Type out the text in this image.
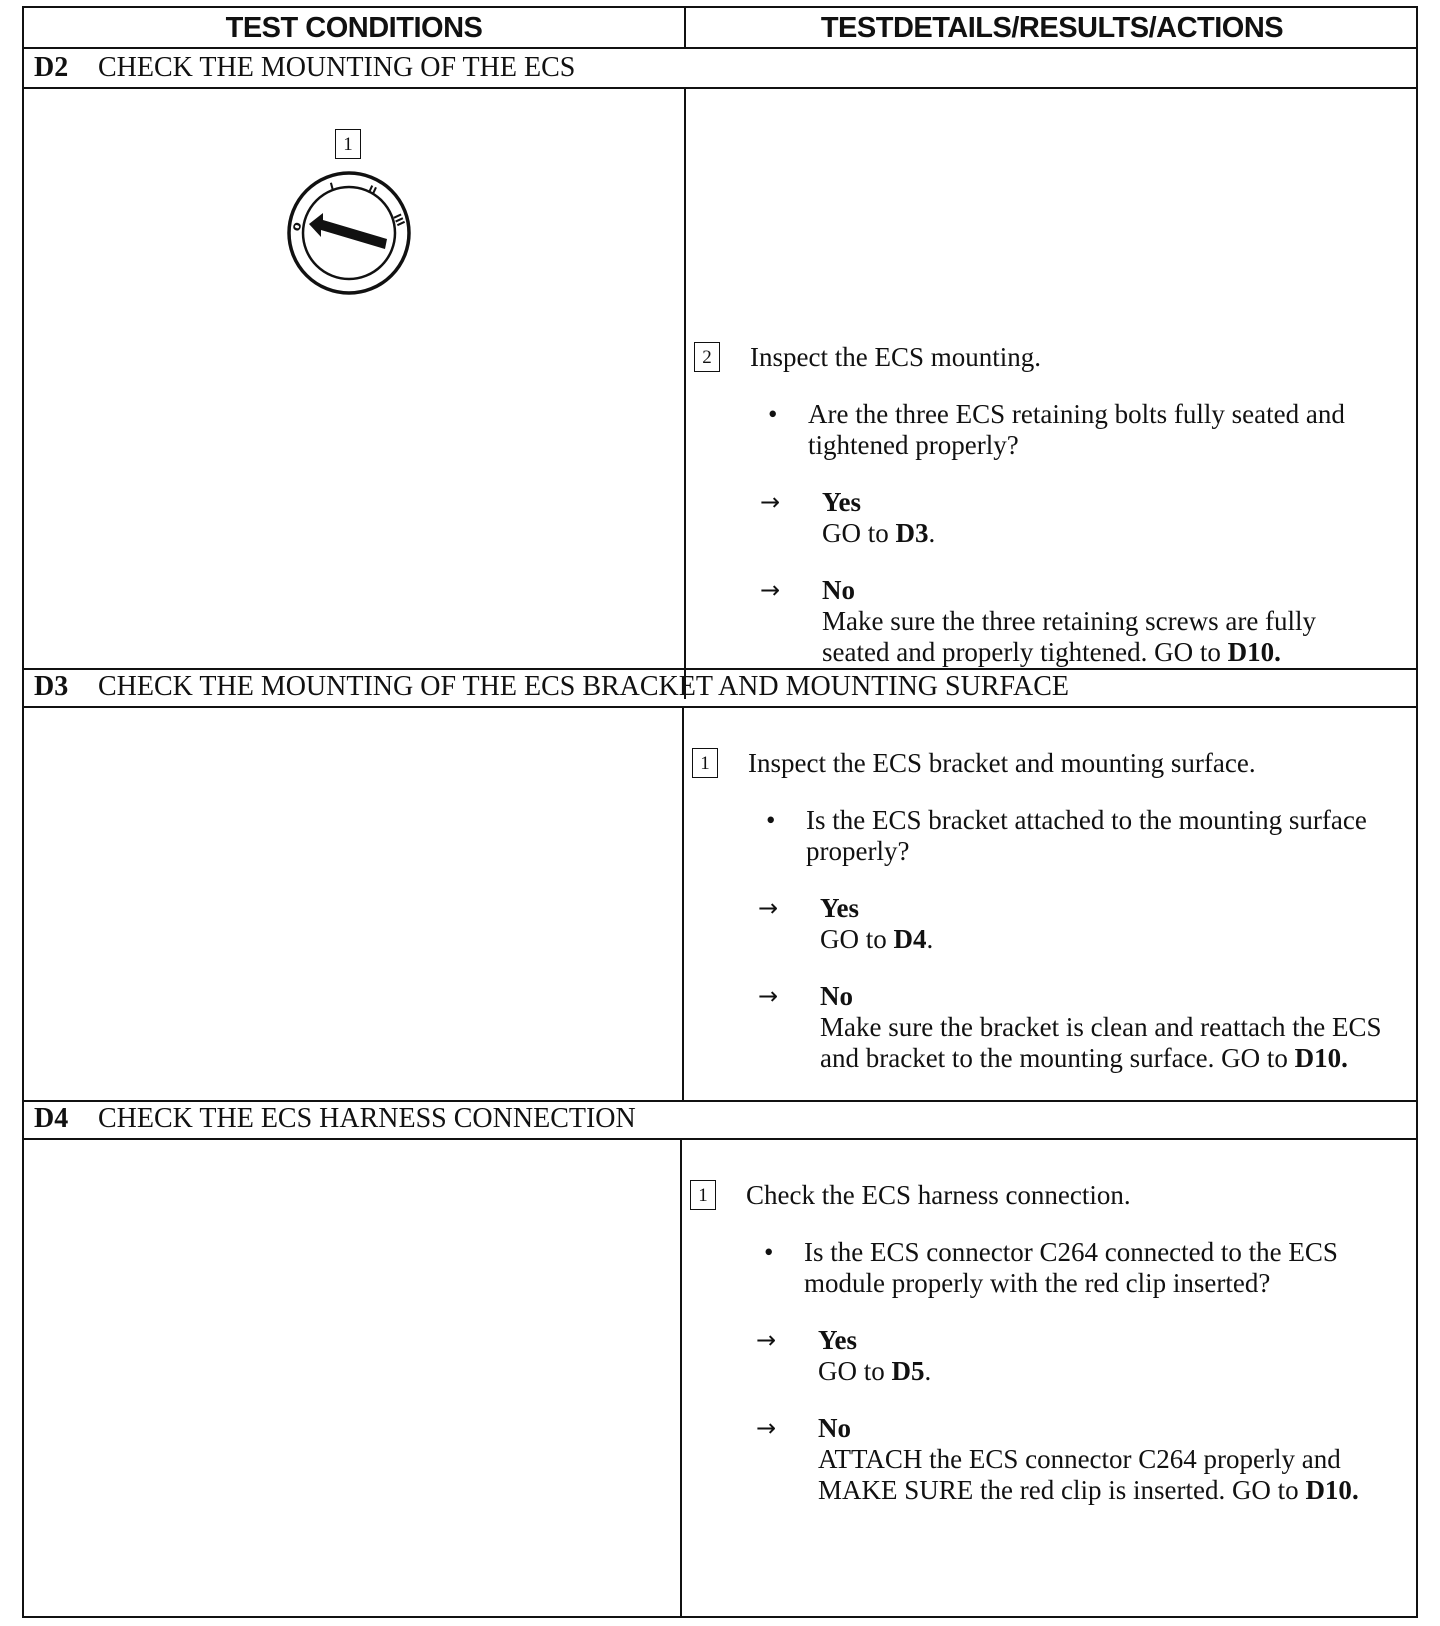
TEST CONDITIONS	TESTDETAILS/RESULTS/ACTIONS
D2 CHECK THE MOUNTING OF THE ECS
1
o
I	II
III
2	Inspect the ECS mounting.
•	Are the three ECS retaining bolts fully seated and tightened properly?
→	Yes
GO to D3.
→	No
Make sure the three retaining screws are fully seated and properly tightened. GO to D10.
D3 CHECK THE MOUNTING OF THE ECS BRACKET AND MOUNTING SURFACE
1	Inspect the ECS bracket and mounting surface.
•	Is the ECS bracket attached to the mounting surface properly?
→	Yes
GO to D4.
→	No
Make sure the bracket is clean and reattach the ECS and bracket to the mounting surface. GO to D10.
D4 CHECK THE ECS HARNESS CONNECTION
1	Check the ECS harness connection.
•	Is the ECS connector C264 connected to the ECS module properly with the red clip inserted?
→	Yes
GO to D5.
→	No
ATTACH the ECS connector C264 properly and MAKE SURE the red clip is inserted. GO to D10.
